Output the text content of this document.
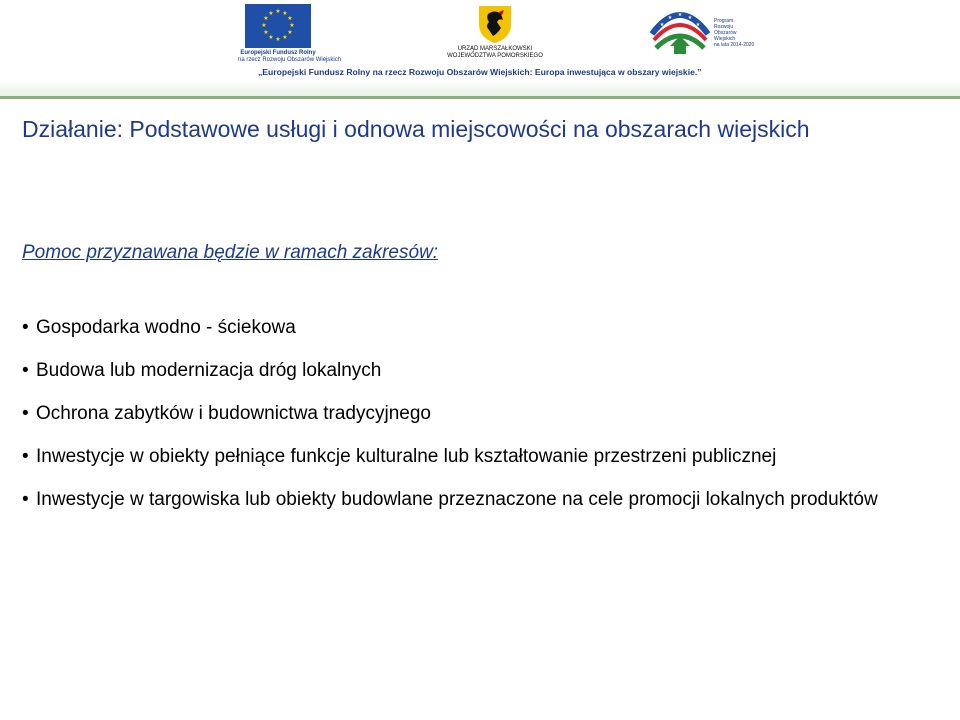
★ ★
★
★
★
★
★
★
★
★
★
★
Europejski Fundusz Rolny
na rzecz Rozwoju Obszarów Wiejskich
URZĄD MARSZAŁKOWSKI
WOJEWÓDZTWA POMORSKIEGO
★
★ ★ ★
★
Program
Rozwoju
Obszarów
Wiejskich
na lata 2014-2020
„Europejski Fundusz Rolny na rzecz Rozwoju Obszarów Wiejskich: Europa inwestująca w obszary wiejskie.”
Działanie: Podstawowe usługi i odnowa miejscowości na obszarach wiejskich

Pomoc przyznawana będzie w ramach zakresów:

• Gospodarka wodno - ściekowa
• Budowa lub modernizacja dróg lokalnych
• Ochrona zabytków i budownictwa tradycyjnego
• Inwestycje w obiekty pełniące funkcje kulturalne lub kształtowanie przestrzeni publicznej
• Inwestycje w targowiska lub obiekty budowlane przeznaczone na cele promocji lokalnych produktów
